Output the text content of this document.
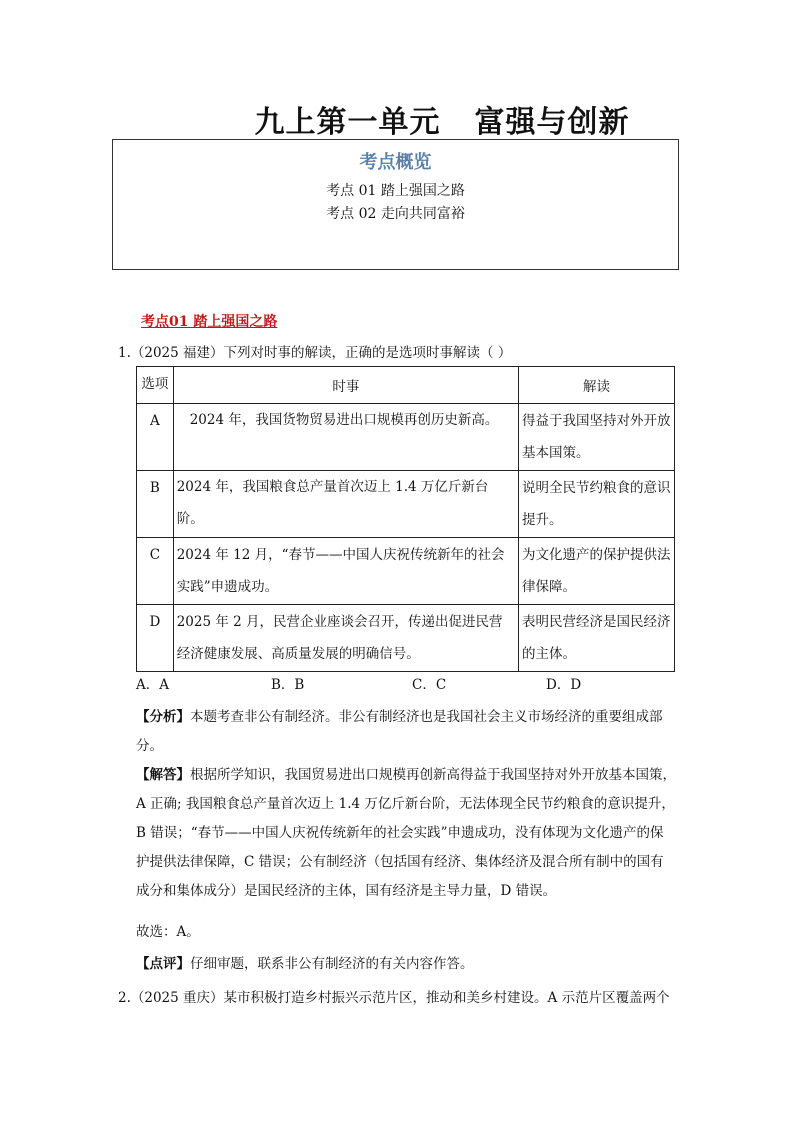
九上第一单元 富强与创新
考点概览

考点 01 踏上强国之路

考点 02 走向共同富裕

考点01 踏上强国之路
1.（2025 福建）下列对时事的解读，正确的是选项时事解读（ ）
选项	时事	解读
A	2024 年，我国货物贸易进出口规模再创历史新高。	得益于我国坚持对外开放基本国策。
B	2024 年，我国粮食总产量首次迈上 1.4 万亿斤新台阶。	说明全民节约粮食的意识提升。
C	2024 年 12 月，“春节——中国人庆祝传统新年的社会实践”申遗成功。	为文化遗产的保护提供法律保障。
D	2025 年 2 月，民营企业座谈会召开，传递出促进民营经济健康发展、高质量发展的明确信号。	表明民营经济是国民经济的主体。
A．A	B．B	C．C	D．D
【分析】本题考查非公有制经济。非公有制经济也是我国社会主义市场经济的重要组成部分。
【解答】根据所学知识，我国贸易进出口规模再创新高得益于我国坚持对外开放基本国策，A 正确; 我国粮食总产量首次迈上 1.4 万亿斤新台阶，无法体现全民节约粮食的意识提升，B 错误；“春节——中国人庆祝传统新年的社会实践”申遗成功，没有体现为文化遗产的保护提供法律保障，C 错误；公有制经济（包括国有经济、集体经济及混合所有制中的国有成分和集体成分）是国民经济的主体，国有经济是主导力量，D 错误。
故选：A。
【点评】仔细审题，联系非公有制经济的有关内容作答。
2.（2025 重庆）某市积极打造乡村振兴示范片区，推动和美乡村建设。A 示范片区覆盖两个
